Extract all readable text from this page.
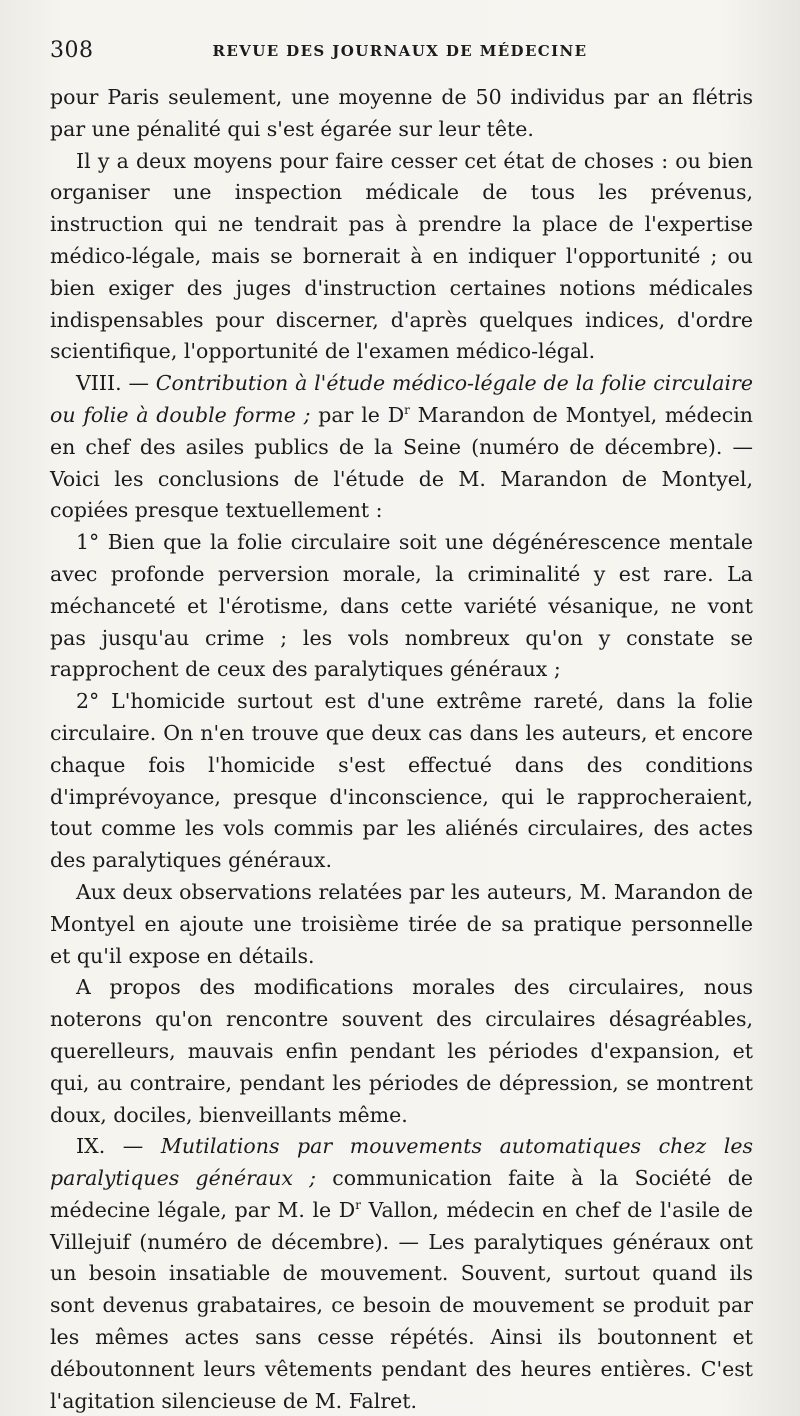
308	REVUE DES JOURNAUX DE MÉDECINE

pour Paris seulement, une moyenne de 50 individus par an flétris par une pénalité qui s'est égarée sur leur tête.

Il y a deux moyens pour faire cesser cet état de choses : ou bien organiser une inspection médicale de tous les prévenus, instruction qui ne tendrait pas à prendre la place de l'expertise médico-légale, mais se bornerait à en indiquer l'opportunité ; ou bien exiger des juges d'instruction certaines notions médicales indispensables pour discerner, d'après quelques indices, d'ordre scientifique, l'opportunité de l'examen médico-légal.

VIII. — Contribution à l'étude médico-légale de la folie circulaire ou folie à double forme ; par le $D^r$ Marandon de Montyel, médecin en chef des asiles publics de la Seine (numéro de décembre). — Voici les conclusions de l'étude de M. Marandon de Montyel, copiées presque textuellement :

1° Bien que la folie circulaire soit une dégénérescence mentale avec profonde perversion morale, la criminalité y est rare. La méchanceté et l'érotisme, dans cette variété vésanique, ne vont pas jusqu'au crime ; les vols nombreux qu'on y constate se rapprochent de ceux des paralytiques généraux ;

2° L'homicide surtout est d'une extrême rareté, dans la folie circulaire. On n'en trouve que deux cas dans les auteurs, et encore chaque fois l'homicide s'est effectué dans des conditions d'imprévoyance, presque d'inconscience, qui le rapprocheraient, tout comme les vols commis par les aliénés circulaires, des actes des paralytiques généraux.

Aux deux observations relatées par les auteurs, M. Marandon de Montyel en ajoute une troisième tirée de sa pratique personnelle et qu'il expose en détails.

A propos des modifications morales des circulaires, nous noterons qu'on rencontre souvent des circulaires désagréables, querelleurs, mauvais enfin pendant les périodes d'expansion, et qui, au contraire, pendant les périodes de dépression, se montrent doux, dociles, bienveillants même.

IX. — Mutilations par mouvements automatiques chez les paralytiques généraux ; communication faite à la Société de médecine légale, par M. le $D^r$ Vallon, médecin en chef de l'asile de Villejuif (numéro de décembre). — Les paralytiques généraux ont un besoin insatiable de mouvement. Souvent, surtout quand ils sont devenus grabataires, ce besoin de mouvement se produit par les mêmes actes sans cesse répétés. Ainsi ils boutonnent et déboutonnent leurs vêtements pendant des heures entières. C'est l'agitation silencieuse de M. Falret.
